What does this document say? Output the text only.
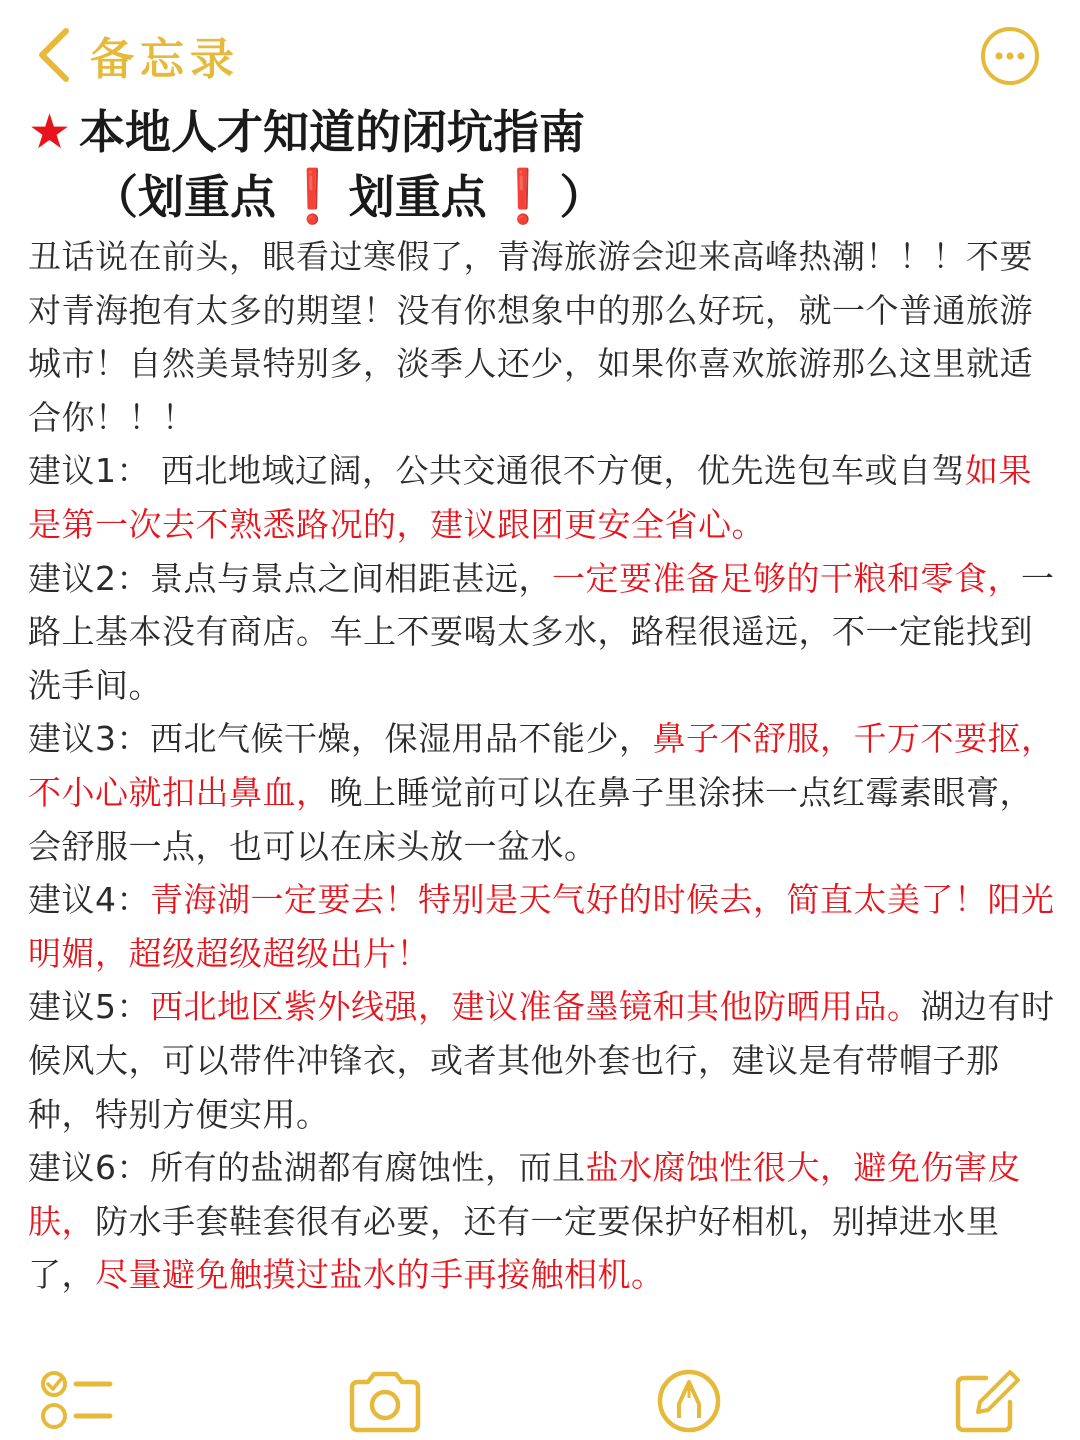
备忘录
★ 本地人才知道的闭坑指南
（ 划重点 ❗ 划重点 ❗ ）

丑话说在前头，眼看过寒假了，青海旅游会迎来高峰热潮！！！不要对青海抱有太多的期望！没有你想象中的那么好玩，就一个普通旅游城市！自然美景特别多，淡季人还少，如果你喜欢旅游那么这里就适合你！！！

建议1： 西北地域辽阔，公共交通很不方便，优先选包车或自驾如果是第一次去不熟悉路况的，建议跟团更安全省心。

建议2：景点与景点之间相距甚远，一定要准备足够的干粮和零食，一路上基本没有商店。车上不要喝太多水，路程很遥远，不一定能找到洗手间。

建议3：西北气候干燥，保湿用品不能少，鼻子不舒服，千万不要抠，不小心就扣出鼻血，晚上睡觉前可以在鼻子里涂抹一点红霉素眼膏，会舒服一点，也可以在床头放一盆水。

建议4：青海湖一定要去！特别是天气好的时候去，简直太美了！阳光明媚，超级超级超级出片！

建议5：西北地区紫外线强，建议准备墨镜和其他防晒用品。湖边有时候风大，可以带件冲锋衣，或者其他外套也行，建议是有带帽子那种，特别方便实用。

建议6：所有的盐湖都有腐蚀性，而且盐水腐蚀性很大，避免伤害皮肤，防水手套鞋套很有必要，还有一定要保护好相机，别掉进水里了，尽量避免触摸过盐水的手再接触相机。
